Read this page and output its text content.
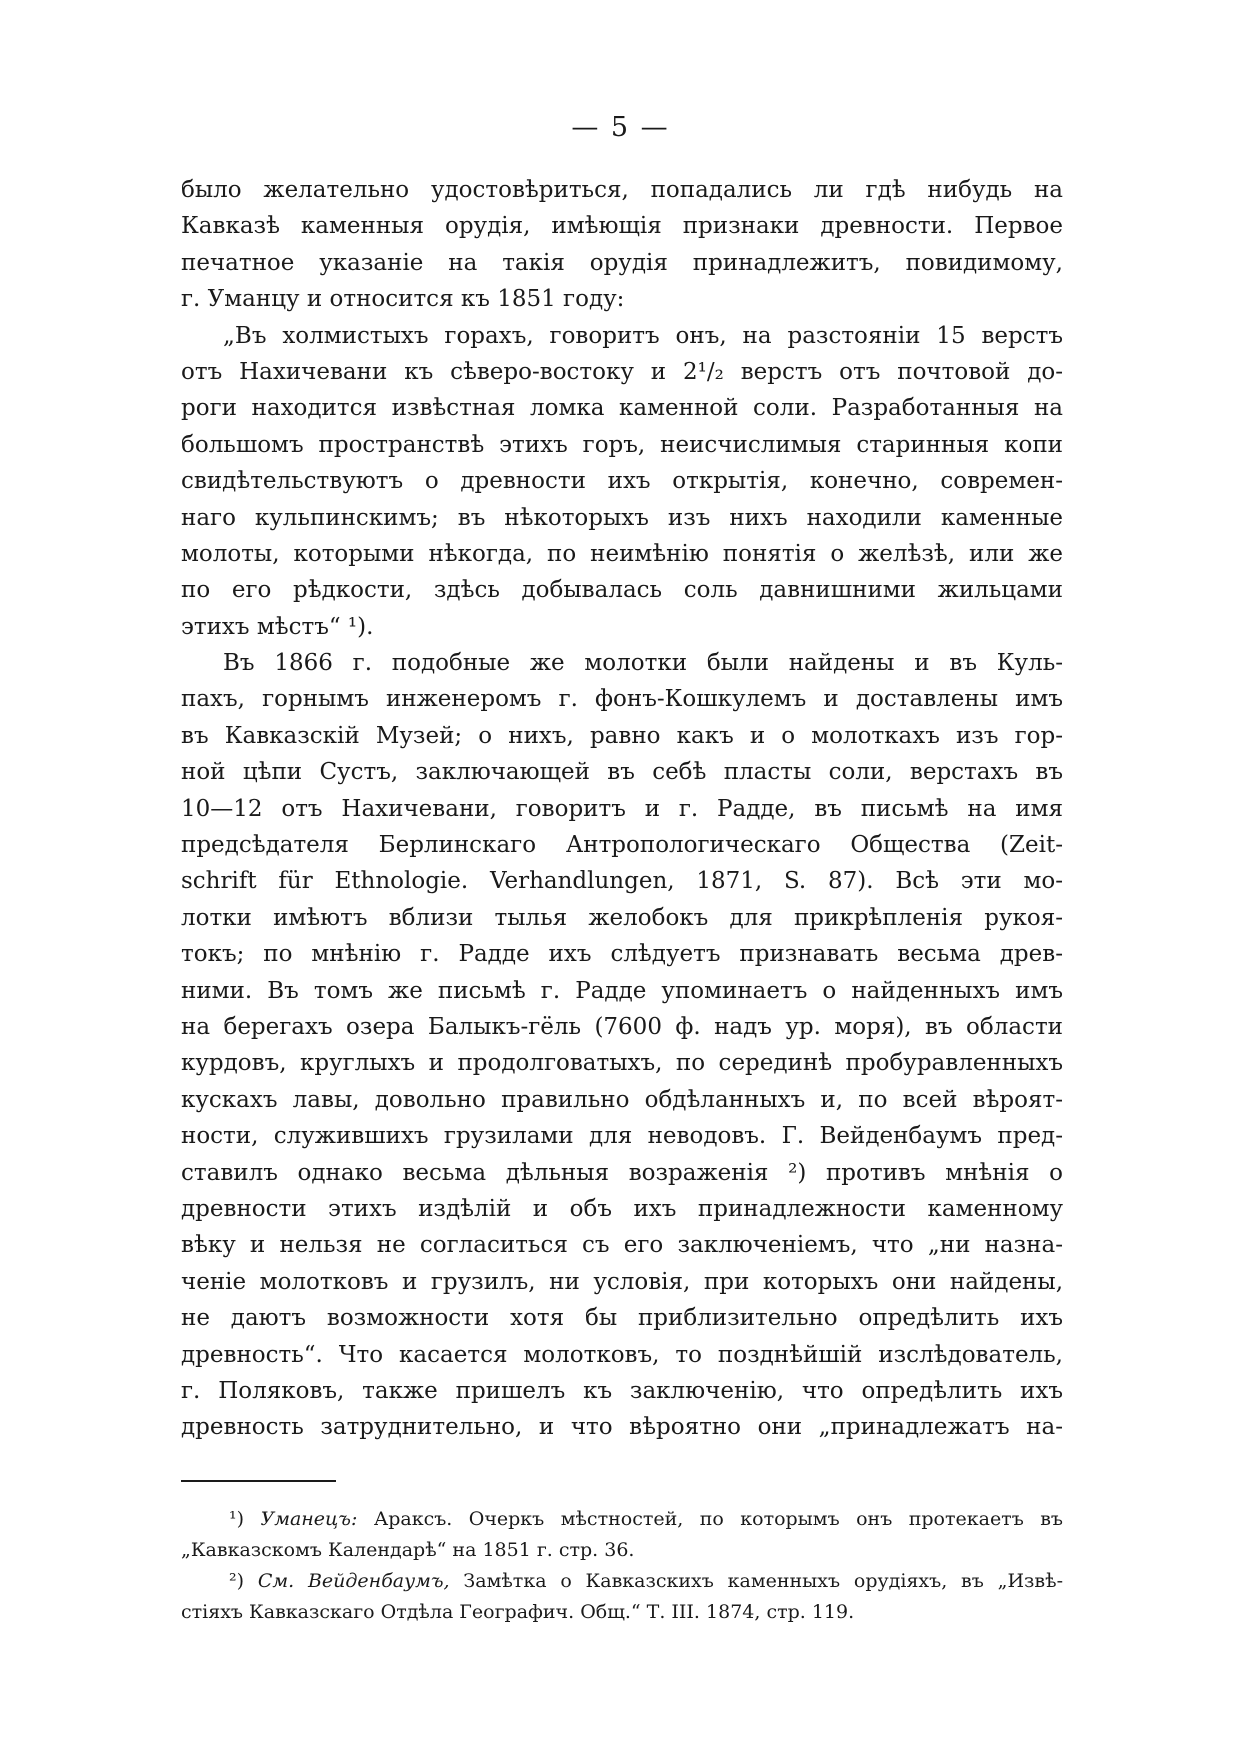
— 5 —
было желательно удостовѣриться, попадались ли гдѣ нибудь на
Кавказѣ каменныя орудія, имѣющія признаки древности. Первое
печатное указаніе на такія орудія принадлежитъ, повидимому,
г. Уманцу и относится къ 1851 году:
„Въ холмистыхъ горахъ, говоритъ онъ, на разстояніи 15 верстъ
отъ Нахичевани къ сѣверо-востоку и 2¹/₂ верстъ отъ почтовой до-
роги находится извѣстная ломка каменной соли. Разработанныя на
большомъ пространствѣ этихъ горъ, неисчислимыя старинныя копи
свидѣтельствуютъ о древности ихъ открытія, конечно, современ-
наго кульпинскимъ; въ нѣкоторыхъ изъ нихъ находили каменные
молоты, которыми нѣкогда, по неимѣнію понятія о желѣзѣ, или же
по его рѣдкости, здѣсь добывалась соль давнишними жильцами
этихъ мѣстъ“ ¹).
Въ 1866 г. подобные же молотки были найдены и въ Куль-
пахъ, горнымъ инженеромъ г. фонъ-Кошкулемъ и доставлены имъ
въ Кавказскій Музей; о нихъ, равно какъ и о молоткахъ изъ гор-
ной цѣпи Сустъ, заключающей въ себѣ пласты соли, верстахъ въ
10—12 отъ Нахичевани, говоритъ и г. Радде, въ письмѣ на имя
предсѣдателя Берлинскаго Антропологическаго Общества (Zeit-
schrift für Ethnologie. Verhandlungen, 1871, S. 87). Всѣ эти мо-
лотки имѣютъ вблизи тылья желобокъ для прикрѣпленія рукоя-
токъ; по мнѣнію г. Радде ихъ слѣдуетъ признавать весьма древ-
ними. Въ томъ же письмѣ г. Радде упоминаетъ о найденныхъ имъ
на берегахъ озера Балыкъ-гёль (7600 ф. надъ ур. моря), въ области
курдовъ, круглыхъ и продолговатыхъ, по серединѣ пробуравленныхъ
кускахъ лавы, довольно правильно обдѣланныхъ и, по всей вѣроят-
ности, служившихъ грузилами для неводовъ. Г. Вейденбаумъ пред-
ставилъ однако весьма дѣльныя возраженія ²) противъ мнѣнія о
древности этихъ издѣлій и объ ихъ принадлежности каменному
вѣку и нельзя не согласиться съ его заключеніемъ, что „ни назна-
ченіе молотковъ и грузилъ, ни условія, при которыхъ они найдены,
не даютъ возможности хотя бы приблизительно опредѣлить ихъ
древность“. Что касается молотковъ, то позднѣйшій изслѣдователь,
г. Поляковъ, также пришелъ къ заключенію, что опредѣлить ихъ
древность затруднительно, и что вѣроятно они „принадлежатъ на-
¹) Уманецъ: Араксъ. Очеркъ мѣстностей, по которымъ онъ протекаетъ въ
„Кавказскомъ Календарѣ“ на 1851 г. стр. 36.
²) См. Вейденбаумъ, Замѣтка о Кавказскихъ каменныхъ орудіяхъ, въ „Извѣ-
стіяхъ Кавказскаго Отдѣла Географич. Общ.“ Т. III. 1874, стр. 119.
